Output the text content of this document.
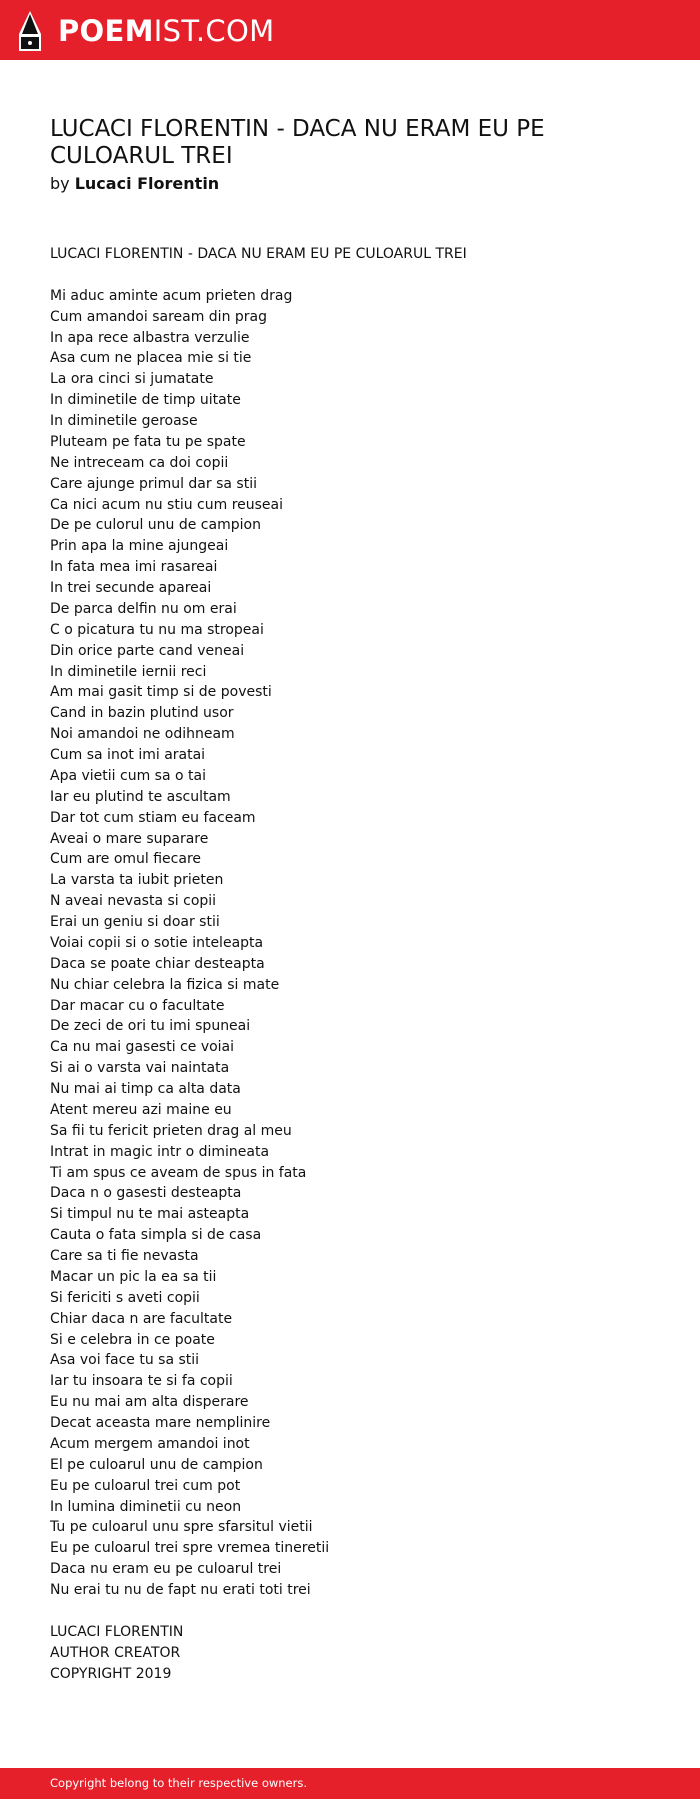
POEMIST.COM
LUCACI FLORENTIN - DACA NU ERAM EU PE CULOARUL TREI
by Lucaci Florentin
LUCACI FLORENTIN - DACA NU ERAM EU PE CULOARUL TREI
Mi aduc aminte acum prieten drag
Cum amandoi saream din prag
In apa rece albastra verzulie
Asa cum ne placea mie si tie
La ora cinci si jumatate
In diminetile de timp uitate
In diminetile geroase
Pluteam pe fata tu pe spate
Ne intreceam ca doi copii
Care ajunge primul dar sa stii
Ca nici acum nu stiu cum reuseai
De pe culorul unu de campion
Prin apa la mine ajungeai
In fata mea imi rasareai
In trei secunde apareai
De parca delfin nu om erai
C o picatura tu nu ma stropeai
Din orice parte cand veneai
In diminetile iernii reci
Am mai gasit timp si de povesti
Cand in bazin plutind usor
Noi amandoi ne odihneam
Cum sa inot imi aratai
Apa vietii cum sa o tai
Iar eu plutind te ascultam
Dar tot cum stiam eu faceam
Aveai o mare suparare
Cum are omul fiecare
La varsta ta iubit prieten
N aveai nevasta si copii
Erai un geniu si doar stii
Voiai copii si o sotie inteleapta
Daca se poate chiar desteapta
Nu chiar celebra la fizica si mate
Dar macar cu o facultate
De zeci de ori tu imi spuneai
Ca nu mai gasesti ce voiai
Si ai o varsta vai naintata
Nu mai ai timp ca alta data
Atent mereu azi maine eu
Sa fii tu fericit prieten drag al meu
Intrat in magic intr o dimineata
Ti am spus ce aveam de spus in fata
Daca n o gasesti desteapta
Si timpul nu te mai asteapta
Cauta o fata simpla si de casa
Care sa ti fie nevasta
Macar un pic la ea sa tii
Si fericiti s aveti copii
Chiar daca n are facultate
Si e celebra in ce poate
Asa voi face tu sa stii
Iar tu insoara te si fa copii
Eu nu mai am alta disperare
Decat aceasta mare nemplinire
Acum mergem amandoi inot
El pe culoarul unu de campion
Eu pe culoarul trei cum pot
In lumina diminetii cu neon
Tu pe culoarul unu spre sfarsitul vietii
Eu pe culoarul trei spre vremea tineretii
Daca nu eram eu pe culoarul trei
Nu erai tu nu de fapt nu erati toti trei
LUCACI FLORENTIN
AUTHOR CREATOR
COPYRIGHT 2019
Copyright belong to their respective owners.
